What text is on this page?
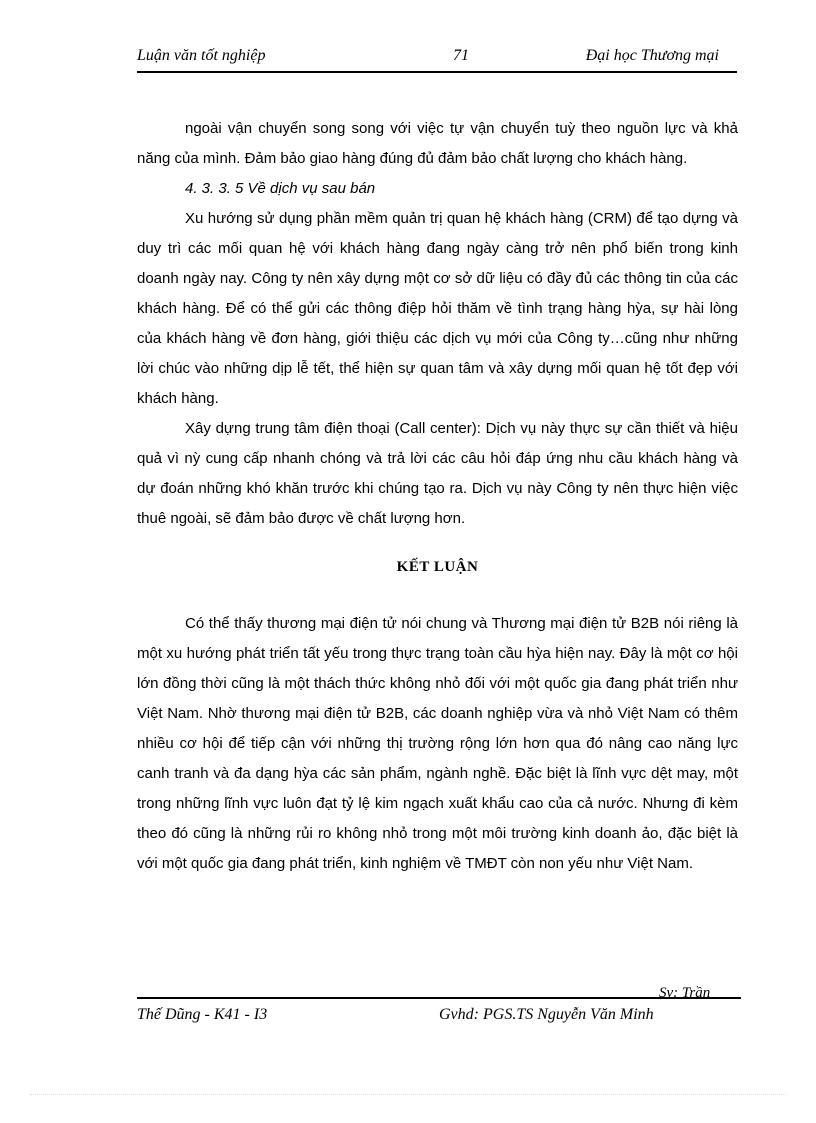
Luận văn tốt nghiệp	71	Đại học Thương mại

ngoài vận chuyển song song với việc tự vận chuyển tuỳ theo nguồn lực và khả năng của mình. Đảm bảo giao hàng đúng đủ đảm bảo chất lượng cho khách hàng.

4. 3. 3. 5 Về dịch vụ sau bán

Xu hướng sử dụng phần mềm quản trị quan hệ khách hàng (CRM) để tạo dựng và duy trì các mối quan hệ với khách hàng đang ngày càng trở nên phổ biến trong kinh doanh ngày nay. Công ty nên xây dựng một cơ sở dữ liệu có đầy đủ các thông tin của các khách hàng. Để có thể gửi các thông điệp hỏi thăm về tình trạng hàng hỳa, sự hài lòng của khách hàng về đơn hàng, giới thiệu các dịch vụ mới của Công ty…cũng như những lời chúc vào những dịp lễ tết, thể hiện sự quan tâm và xây dựng mối quan hệ tốt đẹp với khách hàng.

Xây dựng trung tâm điện thoại (Call center): Dịch vụ này thực sự cần thiết và hiệu quả vì nỳ cung cấp nhanh chóng và trả lời các câu hỏi đáp ứng nhu cầu khách hàng và dự đoán những khó khăn trước khi chúng tạo ra. Dịch vụ này Công ty nên thực hiện việc thuê ngoài, sẽ đảm bảo được về chất lượng hơn.

KẾT LUẬN

Có thể thấy thương mại điện tử nói chung và Thương mại điện tử B2B nói riêng là một xu hướng phát triển tất yếu trong thực trạng toàn cầu hỳa hiện nay. Đây là một cơ hội lớn đồng thời cũng là một thách thức không nhỏ đối với một quốc gia đang phát triển như Việt Nam. Nhờ thương mại điện tử B2B, các doanh nghiệp vừa và nhỏ Việt Nam có thêm nhiều cơ hội để tiếp cận với những thị trường rộng lớn hơn qua đó nâng cao năng lực canh tranh và đa dạng hỳa các sản phẩm, ngành nghề. Đặc biệt là lĩnh vực dệt may, một trong những lĩnh vực luôn đạt tỷ lệ kim ngạch xuất khẩu cao của cả nước. Nhưng đi kèm theo đó cũng là những rủi ro không nhỏ trong một môi trường kinh doanh ảo, đặc biệt là với một quốc gia đang phát triển, kinh nghiệm về TMĐT còn non yếu như Việt Nam.

Sv: Trần
Thế Dũng - K41 - I3	Gvhd: PGS.TS Nguyễn Văn Minh
